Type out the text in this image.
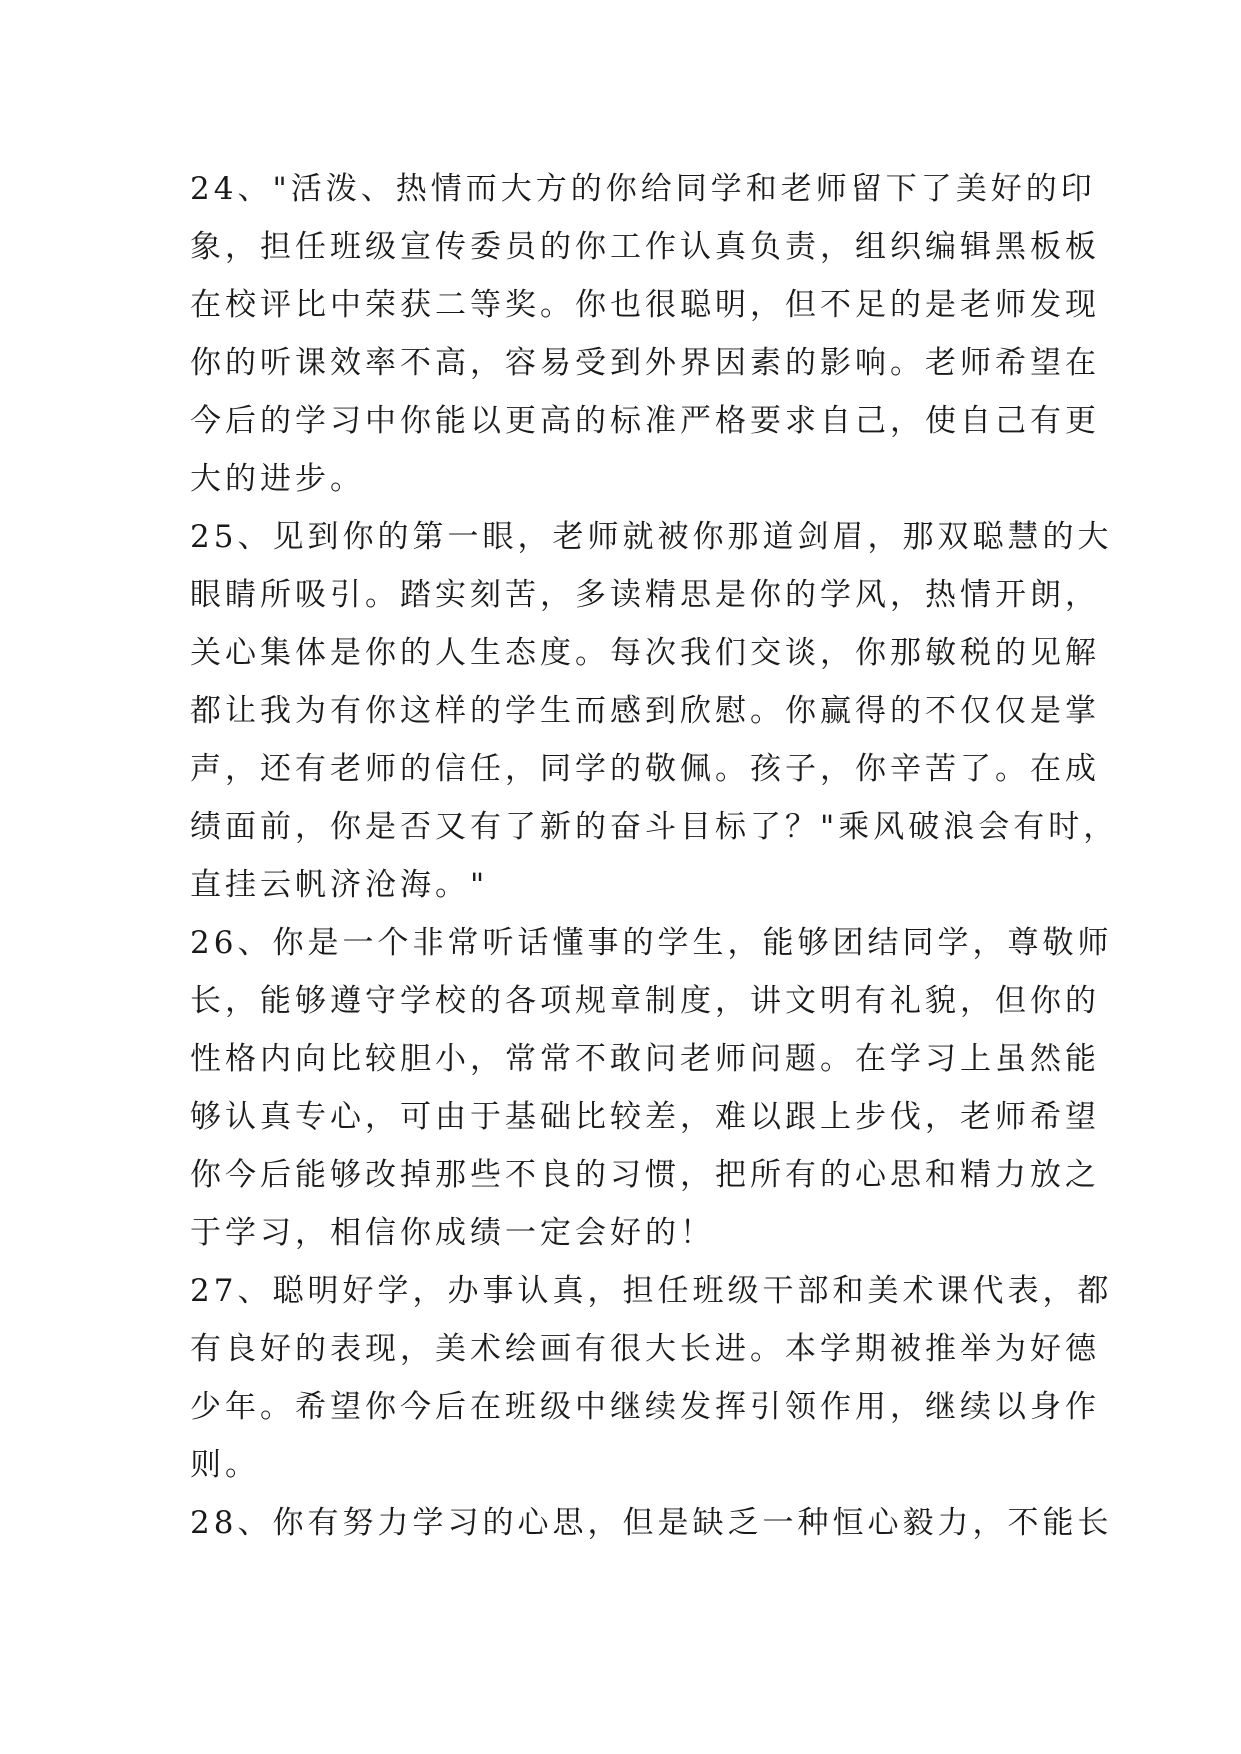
24、"活泼、热情而大方的你给同学和老师留下了美好的印
象，担任班级宣传委员的你工作认真负责，组织编辑黑板板
在校评比中荣获二等奖。你也很聪明，但不足的是老师发现
你的听课效率不高，容易受到外界因素的影响。老师希望在
今后的学习中你能以更高的标准严格要求自己，使自己有更
大的进步。
25、见到你的第一眼，老师就被你那道剑眉，那双聪慧的大
眼睛所吸引。踏实刻苦，多读精思是你的学风，热情开朗，
关心集体是你的人生态度。每次我们交谈，你那敏税的见解
都让我为有你这样的学生而感到欣慰。你赢得的不仅仅是掌
声，还有老师的信任，同学的敬佩。孩子，你辛苦了。在成
绩面前，你是否又有了新的奋斗目标了？"乘风破浪会有时，
直挂云帆济沧海。"
26、你是一个非常听话懂事的学生，能够团结同学，尊敬师
长，能够遵守学校的各项规章制度，讲文明有礼貌，但你的
性格内向比较胆小，常常不敢问老师问题。在学习上虽然能
够认真专心，可由于基础比较差，难以跟上步伐，老师希望
你今后能够改掉那些不良的习惯，把所有的心思和精力放之
于学习，相信你成绩一定会好的！
27、聪明好学，办事认真，担任班级干部和美术课代表，都
有良好的表现，美术绘画有很大长进。本学期被推举为好德
少年。希望你今后在班级中继续发挥引领作用，继续以身作
则。
28、你有努力学习的心思，但是缺乏一种恒心毅力，不能长
